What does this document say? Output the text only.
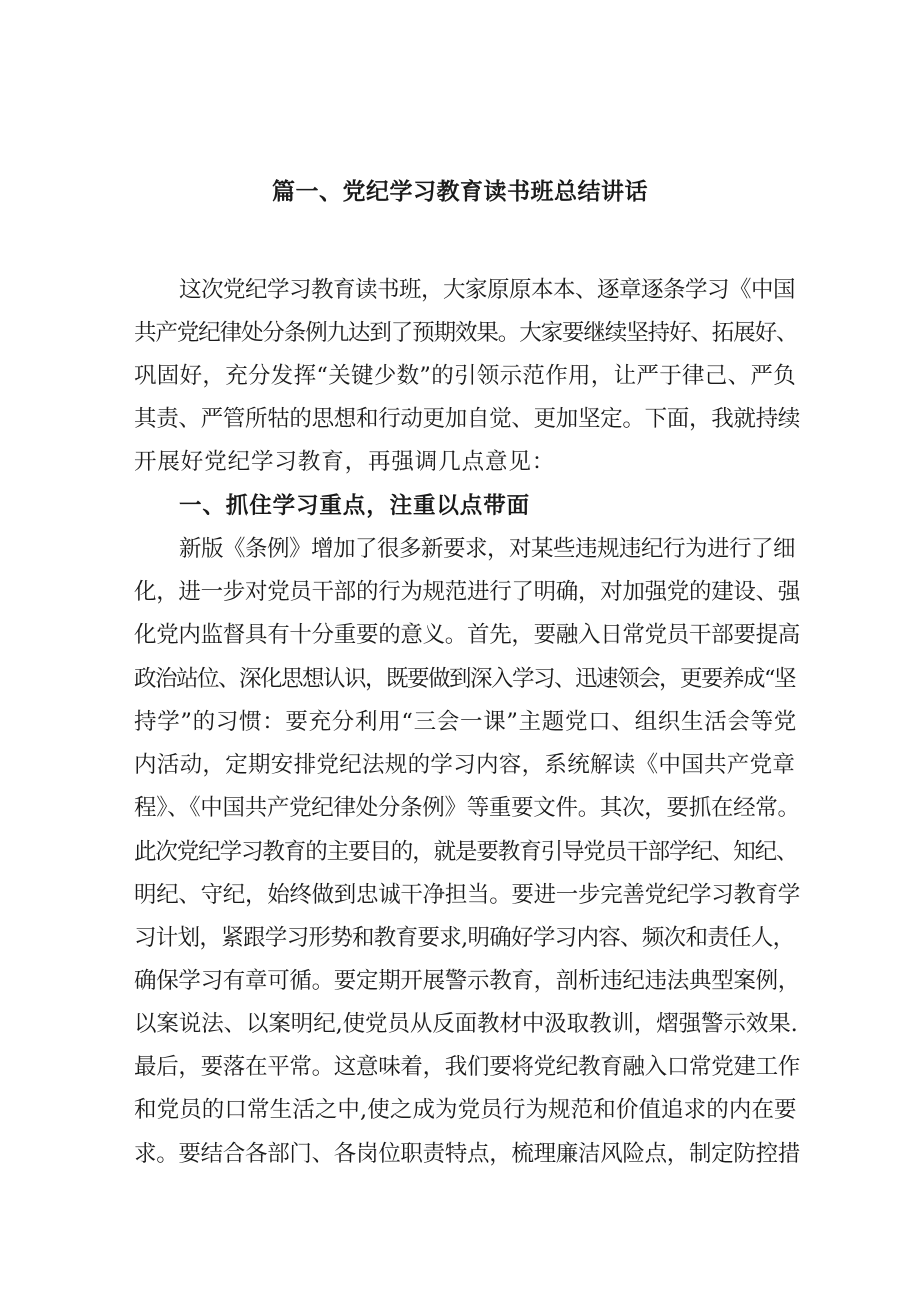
篇一、党纪学习教育读书班总结讲话
这次党纪学习教育读书班，大家原原本本、逐章逐条学习《中国
共产党纪律处分条例九达到了预期效果。大家要继续坚持好、拓展好、
巩固好，充分发挥“关键少数”的引领示范作用，让严于律己、严负
其责、严管所牯的思想和行动更加自觉、更加坚定。下面，我就持续
开展好党纪学习教育，再强调几点意见：
一、抓住学习重点，注重以点带面
新版《条例》增加了很多新要求，对某些违规违纪行为进行了细
化，进一步对党员干部的行为规范进行了明确，对加强党的建设、强
化党内监督具有十分重要的意义。首先，要融入日常党员干部要提高
政治站位、深化思想认识，既要做到深入学习、迅速领会，更要养成“坚
持学”的习惯：要充分利用“三会一课”主题党口、组织生活会等党
内活动，定期安排党纪法规的学习内容，系统解读《中国共产党章
程》、《中国共产党纪律处分条例》等重要文件。其次，要抓在经常。
此次党纪学习教育的主要目的，就是要教育引导党员干部学纪、知纪、
明纪、守纪，始终做到忠诚干净担当。要进一步完善党纪学习教育学
习计划，紧跟学习形势和教育要求,明确好学习内容、频次和责任人，
确保学习有章可循。要定期开展警示教育，剖析违纪违法典型案例，
以案说法、以案明纪,使党员从反面教材中汲取教训，熠强警示效果.
最后，要落在平常。这意味着，我们要将党纪教育融入口常党建工作
和党员的口常生活之中,使之成为党员行为规范和价值追求的内在要
求。要结合各部门、各岗位职责特点，梳理廉洁风险点，制定防控措
